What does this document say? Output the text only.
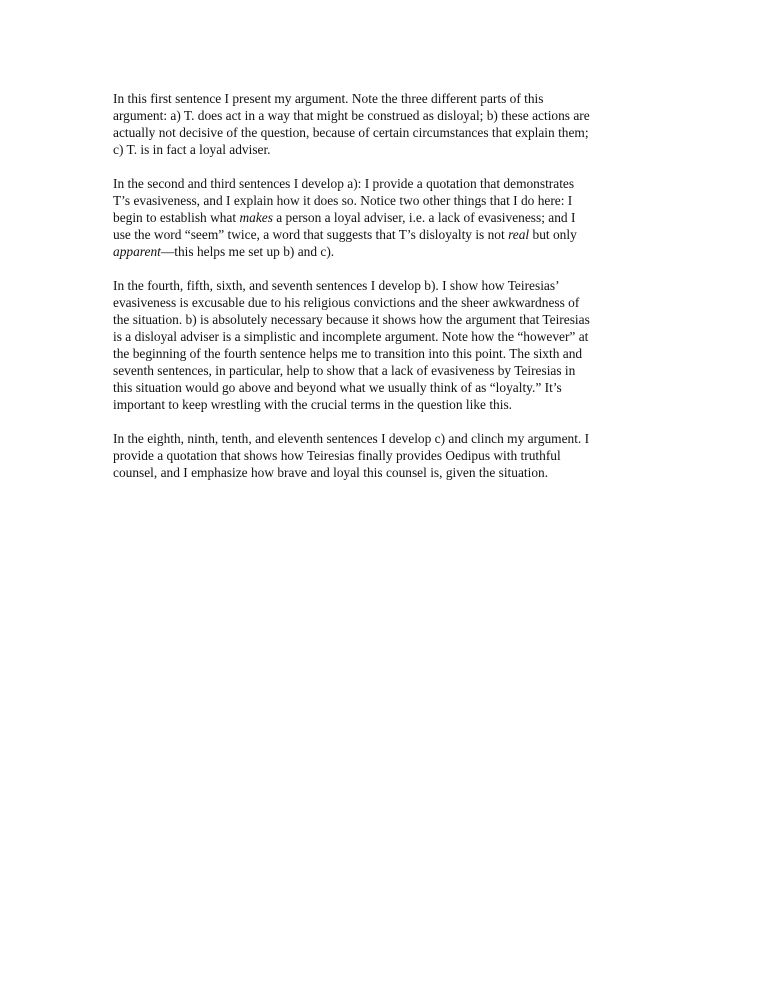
In this first sentence I present my argument. Note the three different parts of this
argument: a) T. does act in a way that might be construed as disloyal; b) these actions are
actually not decisive of the question, because of certain circumstances that explain them;
c) T. is in fact a loyal adviser.

In the second and third sentences I develop a): I provide a quotation that demonstrates
T’s evasiveness, and I explain how it does so. Notice two other things that I do here: I
begin to establish what makes a person a loyal adviser, i.e. a lack of evasiveness; and I
use the word “seem” twice, a word that suggests that T’s disloyalty is not real but only
apparent—this helps me set up b) and c).

In the fourth, fifth, sixth, and seventh sentences I develop b). I show how Teiresias’
evasiveness is excusable due to his religious convictions and the sheer awkwardness of
the situation. b) is absolutely necessary because it shows how the argument that Teiresias
is a disloyal adviser is a simplistic and incomplete argument. Note how the “however” at
the beginning of the fourth sentence helps me to transition into this point. The sixth and
seventh sentences, in particular, help to show that a lack of evasiveness by Teiresias in
this situation would go above and beyond what we usually think of as “loyalty.” It’s
important to keep wrestling with the crucial terms in the question like this.

In the eighth, ninth, tenth, and eleventh sentences I develop c) and clinch my argument. I
provide a quotation that shows how Teiresias finally provides Oedipus with truthful
counsel, and I emphasize how brave and loyal this counsel is, given the situation.
